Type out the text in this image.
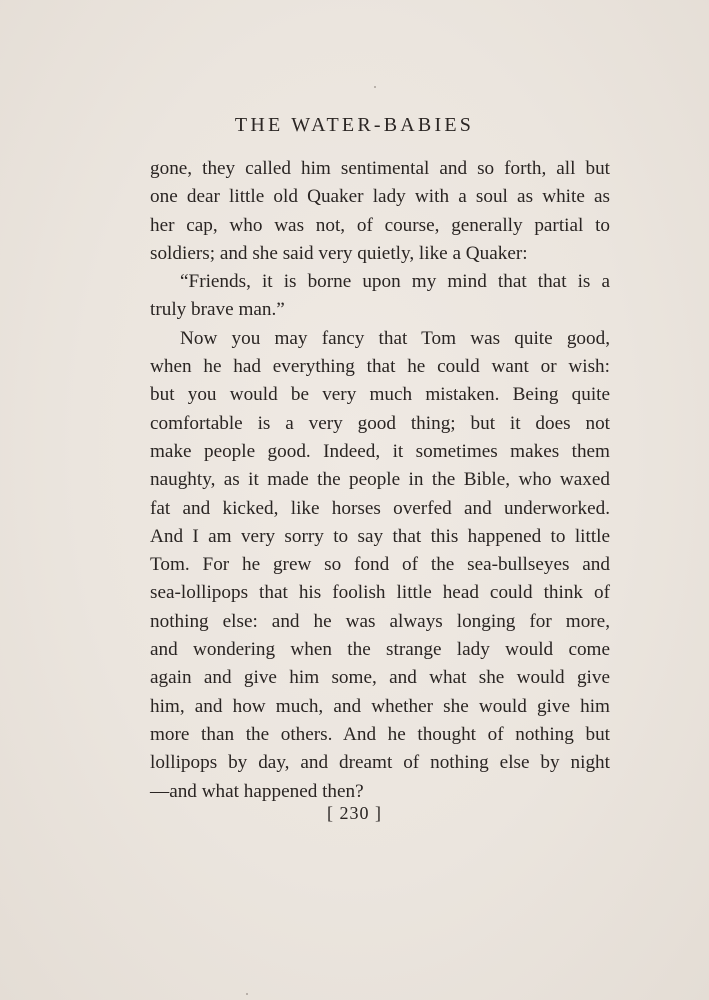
THE WATER-BABIES
gone, they called him sentimental and so forth, all but
one dear little old Quaker lady with a soul as white as
her cap, who was not, of course, generally partial to
soldiers; and she said very quietly, like a Quaker:
“Friends, it is borne upon my mind that that is a
truly brave man.”
Now you may fancy that Tom was quite good,
when he had everything that he could want or wish:
but you would be very much mistaken. Being quite
comfortable is a very good thing; but it does not
make people good. Indeed, it sometimes makes them
naughty, as it made the people in the Bible, who waxed
fat and kicked, like horses overfed and underworked.
And I am very sorry to say that this happened to little
Tom. For he grew so fond of the sea-bullseyes and
sea-lollipops that his foolish little head could think of
nothing else: and he was always longing for more,
and wondering when the strange lady would come
again and give him some, and what she would give
him, and how much, and whether she would give him
more than the others. And he thought of nothing but
lollipops by day, and dreamt of nothing else by night
—and what happened then?
[ 230 ]
